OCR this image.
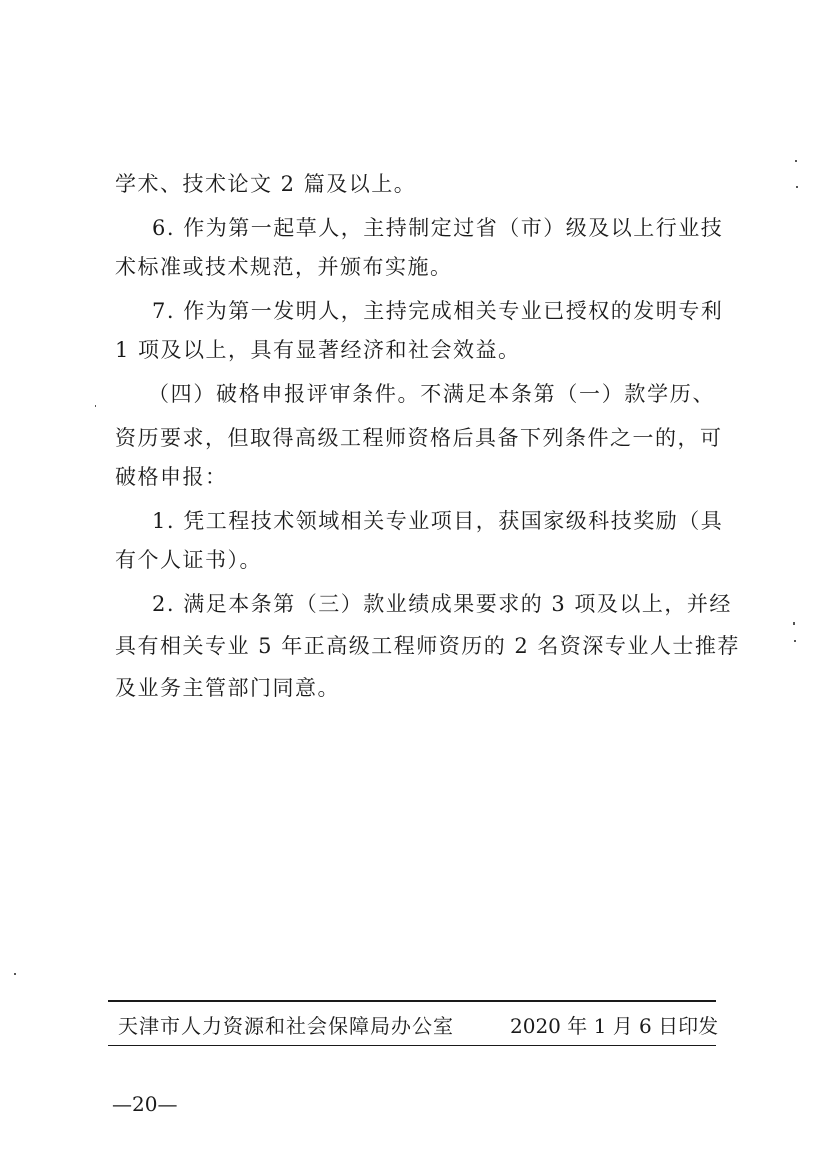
学术、技术论文 2 篇及以上。
6. 作为第一起草人，主持制定过省（市）级及以上行业技
术标准或技术规范，并颁布实施。
7. 作为第一发明人，主持完成相关专业已授权的发明专利
1 项及以上，具有显著经济和社会效益。
（四）破格申报评审条件。不满足本条第（一）款学历、
资历要求，但取得高级工程师资格后具备下列条件之一的，可
破格申报：
1. 凭工程技术领域相关专业项目，获国家级科技奖励（具
有个人证书）。
2. 满足本条第（三）款业绩成果要求的 3 项及以上，并经
具有相关专业 5 年正高级工程师资历的 2 名资深专业人士推荐
及业务主管部门同意。
天津市人力资源和社会保障局办公室	2020 年 1 月 6 日印发
—20—
